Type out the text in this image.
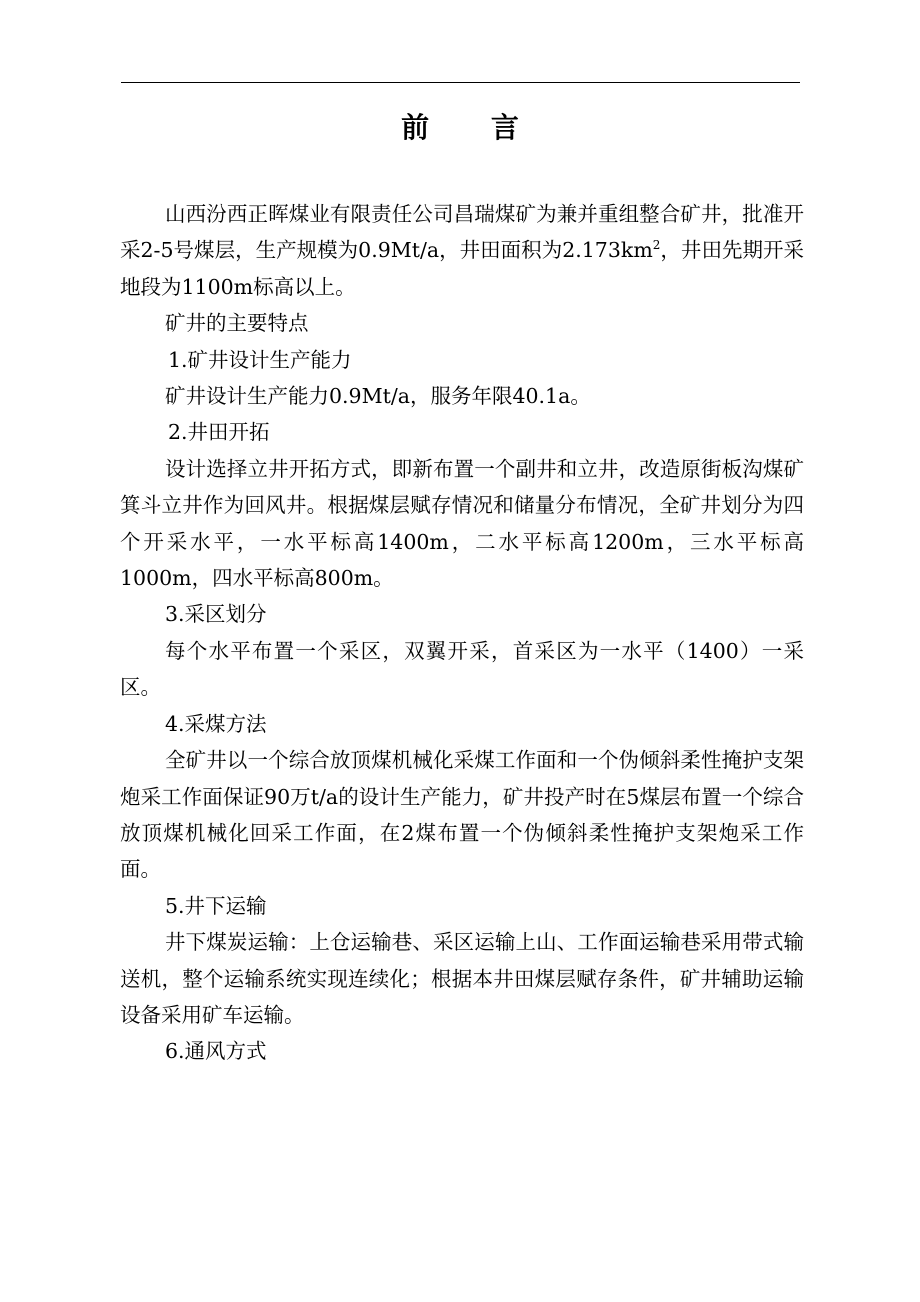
前 言

山西汾西正晖煤业有限责任公司昌瑞煤矿为兼并重组整合矿井，批准开采2-5号煤层，生产规模为0.9Mt/a，井田面积为$2.173km^2$，井田先期开采地段为1100m标高以上。

矿井的主要特点

1.矿井设计生产能力

矿井设计生产能力0.9Mt/a，服务年限40.1a。

2.井田开拓

设计选择立井开拓方式，即新布置一个副井和立井，改造原街板沟煤矿箕斗立井作为回风井。根据煤层赋存情况和储量分布情况，全矿井划分为四个开采水平，一水平标高1400m，二水平标高1200m，三水平标高1000m，四水平标高800m。

3.采区划分

每个水平布置一个采区，双翼开采，首采区为一水平（1400）一采区。

4.采煤方法

全矿井以一个综合放顶煤机械化采煤工作面和一个伪倾斜柔性掩护支架炮采工作面保证90万t/a的设计生产能力，矿井投产时在5煤层布置一个综合放顶煤机械化回采工作面，在2煤布置一个伪倾斜柔性掩护支架炮采工作面。

5.井下运输

井下煤炭运输：上仓运输巷、采区运输上山、工作面运输巷采用带式输送机，整个运输系统实现连续化；根据本井田煤层赋存条件，矿井辅助运输设备采用矿车运输。

6.通风方式
